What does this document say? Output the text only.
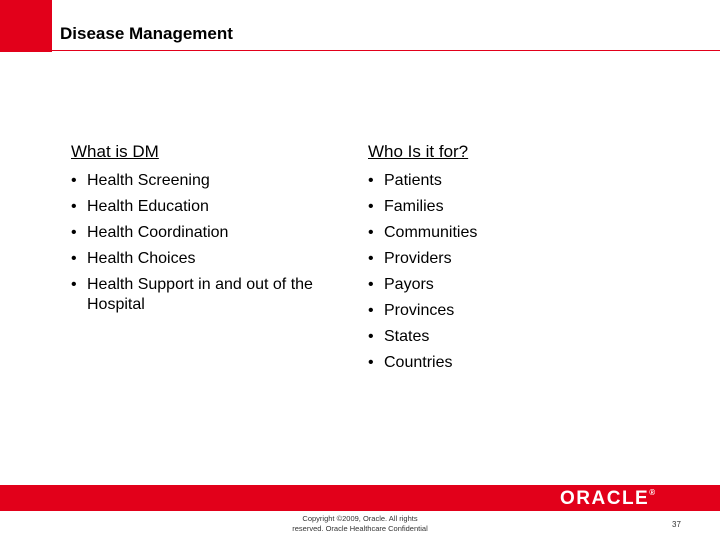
Disease Management

What is DM

• Health Screening
• Health Education
• Health Coordination
• Health Choices
• Health Support in and out of the Hospital

Who Is it for?

• Patients
• Families
• Communities
• Providers
• Payors
• Provinces
• States
• Countries
ORACLE®
Copyright ©2009, Oracle. All rights
reserved. Oracle Healthcare Confidential	37
